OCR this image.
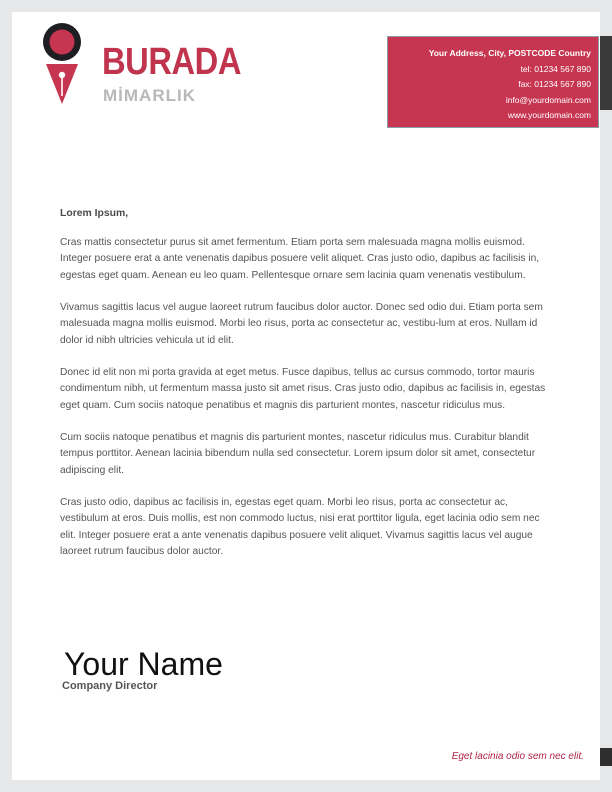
BURADA
MİMARLIK
Your Address, City, POSTCODE Country
tel: 01234 567 890
fax: 01234 567 890
info@yourdomain.com
www.yourdomain.com
Lorem Ipsum,

Cras mattis consectetur purus sit amet fermentum. Etiam porta sem malesuada magna mollis euismod. Integer posuere erat a ante venenatis dapibus posuere velit aliquet. Cras justo odio, dapibus ac facilisis in, egestas eget quam. Aenean eu leo quam. Pellentesque ornare sem lacinia quam venenatis vestibulum.

Vivamus sagittis lacus vel augue laoreet rutrum faucibus dolor auctor. Donec sed odio dui. Etiam porta sem malesuada magna mollis euismod. Morbi leo risus, porta ac consectetur ac, vestibu-lum at eros. Nullam id dolor id nibh ultricies vehicula ut id elit.

Donec id elit non mi porta gravida at eget metus. Fusce dapibus, tellus ac cursus commodo, tortor mauris condimentum nibh, ut fermentum massa justo sit amet risus. Cras justo odio, dapibus ac facilisis in, egestas eget quam. Cum sociis natoque penatibus et magnis dis parturient montes, nascetur ridiculus mus.

Cum sociis natoque penatibus et magnis dis parturient montes, nascetur ridiculus mus. Curabitur blandit tempus porttitor. Aenean lacinia bibendum nulla sed consectetur. Lorem ipsum dolor sit amet, consectetur adipiscing elit.

Cras justo odio, dapibus ac facilisis in, egestas eget quam. Morbi leo risus, porta ac consectetur ac, vestibulum at eros. Duis mollis, est non commodo luctus, nisi erat porttitor ligula, eget lacinia odio sem nec elit. Integer posuere erat a ante venenatis dapibus posuere velit aliquet. Vivamus sagittis lacus vel augue laoreet rutrum faucibus dolor auctor.

Your Name
Company Director
Eget lacinia odio sem nec elit.
